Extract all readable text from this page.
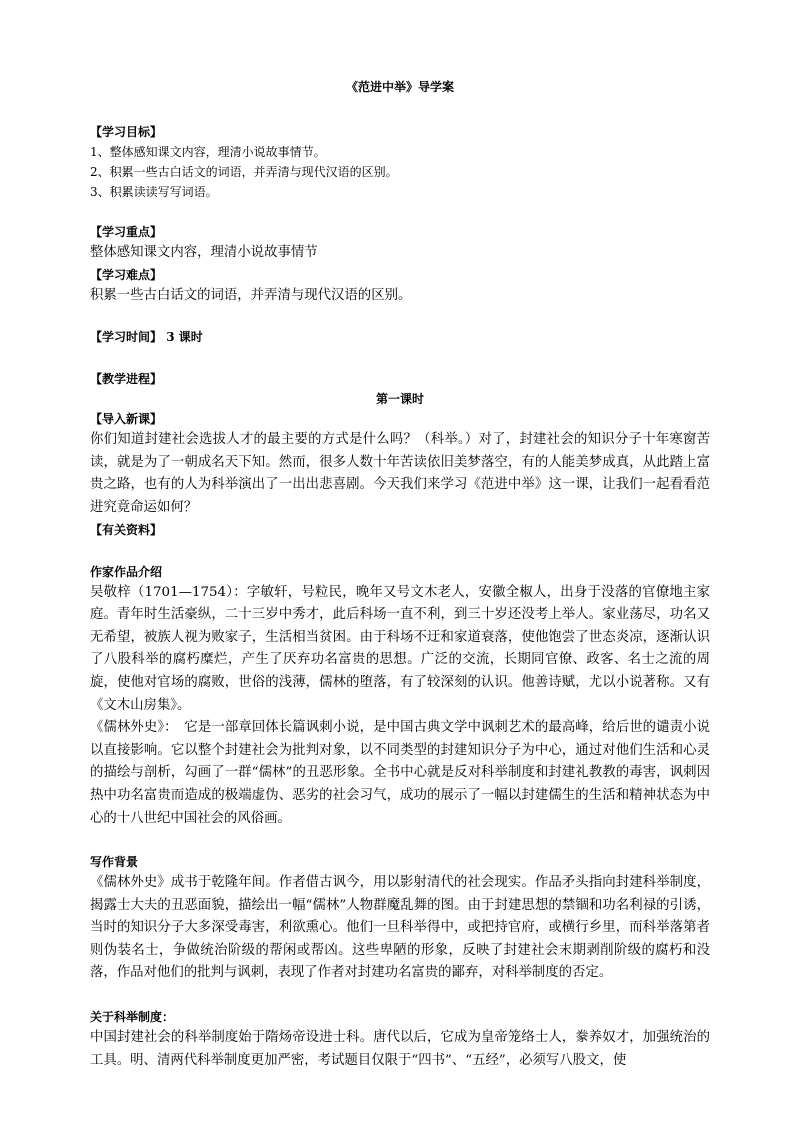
《范进中举》导学案

【学习目标】

1、整体感知课文内容，理清小说故事情节。

2、积累一些古白话文的词语，并弄清与现代汉语的区别。

3、积累读读写写词语。

【学习重点】

整体感知课文内容，理清小说故事情节

【学习难点】

积累一些古白话文的词语，并弄清与现代汉语的区别。

【学习时间】 3 课时

【教学进程】

第一课时

【导入新课】

你们知道封建社会选拔人才的最主要的方式是什么吗？（科举。）对了，封建社会的知识分子十年寒窗苦读，就是为了一朝成名天下知。然而，很多人数十年苦读依旧美梦落空，有的人能美梦成真，从此踏上富贵之路，也有的人为科举演出了一出出悲喜剧。今天我们来学习《范进中举》这一课，让我们一起看看范进究竟命运如何？

【有关资料】

作家作品介绍

吴敬梓（1701—1754）：字敏轩，号粒民，晚年又号文木老人，安徽全椒人，出身于没落的官僚地主家庭。青年时生活豪纵，二十三岁中秀才，此后科场一直不利，到三十岁还没考上举人。家业荡尽，功名又无希望，被族人视为败家子，生活相当贫困。由于科场不迂和家道衰落，使他饱尝了世态炎凉，逐渐认识了八股科举的腐朽糜烂，产生了厌弃功名富贵的思想。广泛的交流，长期同官僚、政客、名士之流的周旋，使他对官场的腐败，世俗的浅薄，儒林的堕落，有了较深刻的认识。他善诗赋，尤以小说著称。又有《文木山房集》。

《儒林外史》：　它是一部章回体长篇讽刺小说，是中国古典文学中讽刺艺术的最高峰，给后世的谴责小说以直接影响。它以整个封建社会为批判对象，以不同类型的封建知识分子为中心，通过对他们生活和心灵的描绘与剖析，勾画了一群“儒林”的丑恶形象。全书中心就是反对科举制度和封建礼教教的毒害，讽刺因热中功名富贵而造成的极端虚伪、恶劣的社会习气，成功的展示了一幅以封建儒生的生活和精神状态为中心的十八世纪中国社会的风俗画。

写作背景

《儒林外史》成书于乾隆年间。作者借古讽今，用以影射清代的社会现实。作品矛头指向封建科举制度，揭露士大夫的丑恶面貌，描绘出一幅“儒林”人物群魔乱舞的图。由于封建思想的禁锢和功名利禄的引诱，当时的知识分子大多深受毒害，利欲熏心。他们一旦科举得中，或把持官府，或横行乡里，而科举落第者则伪装名士，争做统治阶级的帮闲或帮凶。这些卑陋的形象，反映了封建社会末期剥削阶级的腐朽和没落，作品对他们的批判与讽刺，表现了作者对封建功名富贵的鄙弃，对科举制度的否定。

关于科举制度：

中国封建社会的科举制度始于隋炀帝设进士科。唐代以后，它成为皇帝笼络士人，豢养奴才，加强统治的工具。明、清两代科举制度更加严密，考试题目仅限于“四书”、“五经”，必须写八股文，使
